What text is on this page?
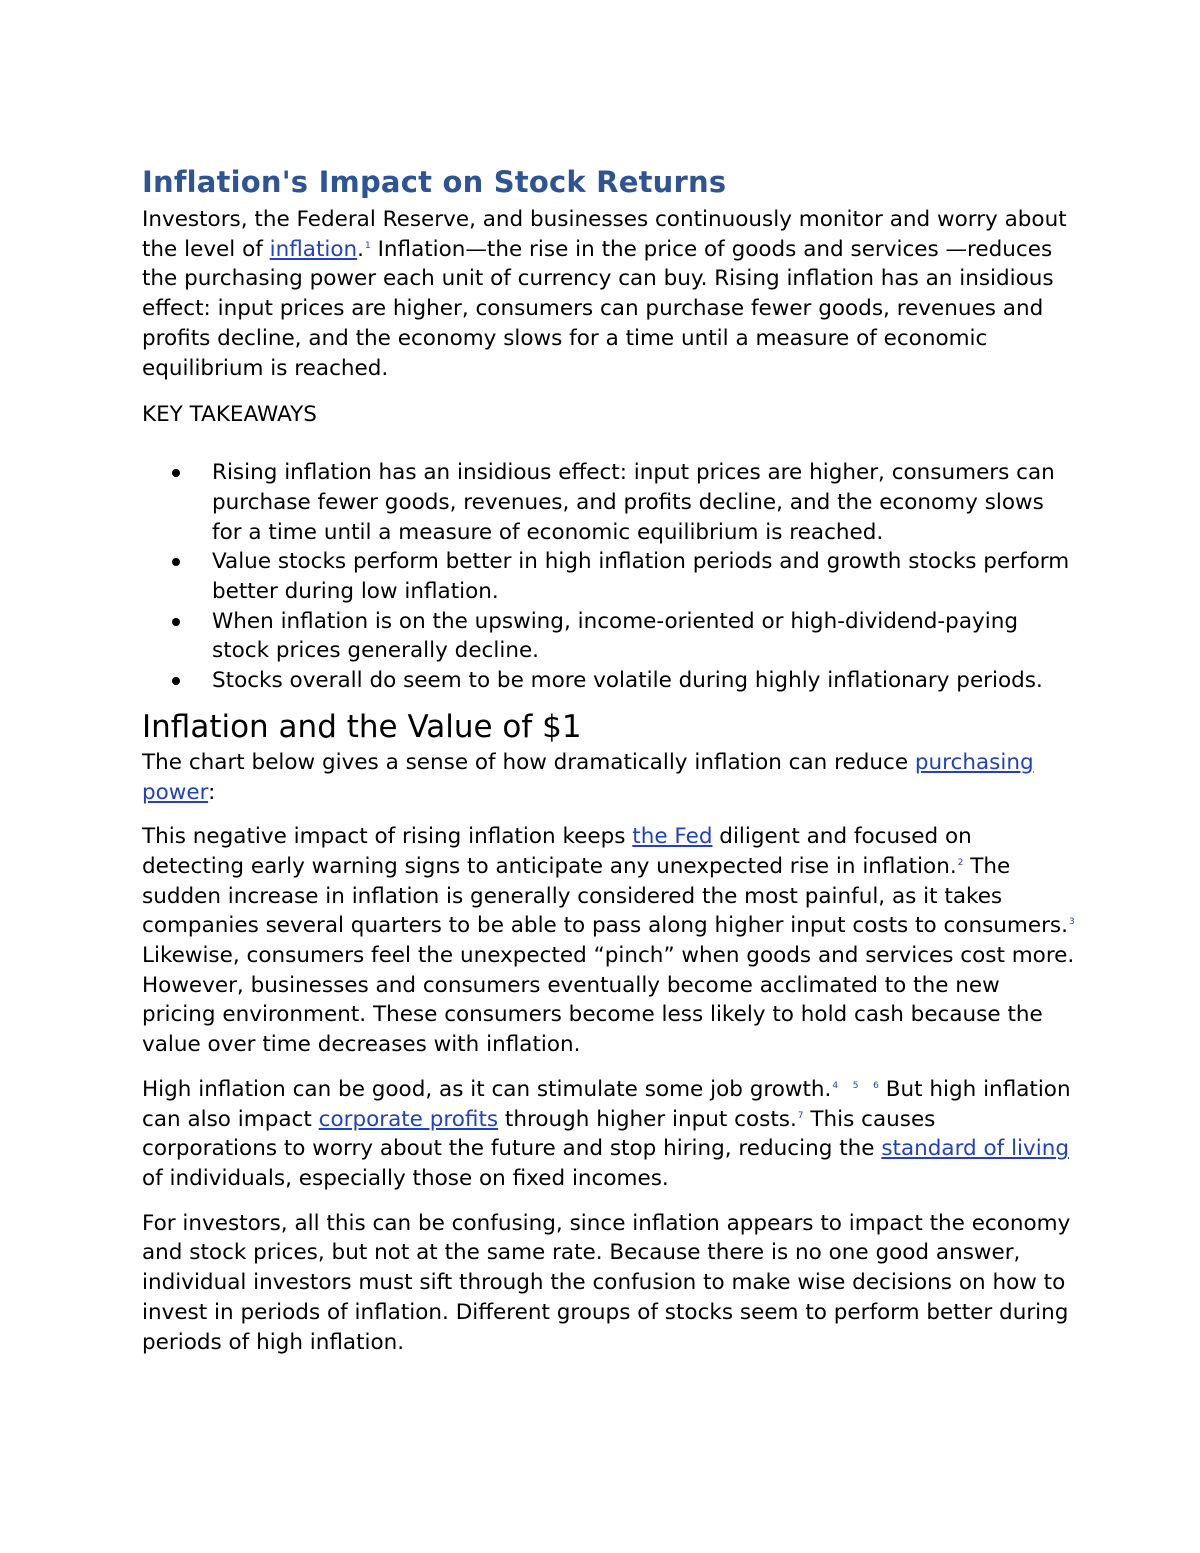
Inflation's Impact on Stock Returns

Investors, the Federal Reserve, and businesses continuously monitor and worry about the level of inflation.$^1$ Inflation—the rise in the price of goods and services —reduces the purchasing power each unit of currency can buy. Rising inflation has an insidious effect: input prices are higher, consumers can purchase fewer goods, revenues and profits decline, and the economy slows for a time until a measure of economic equilibrium is reached.

KEY TAKEAWAYS
Rising inflation has an insidious effect: input prices are higher, consumers can purchase fewer goods, revenues, and profits decline, and the economy slows for a time until a measure of economic equilibrium is reached.
Value stocks perform better in high inflation periods and growth stocks perform better during low inflation.
When inflation is on the upswing, income-oriented or high-dividend-paying stock prices generally decline.
Stocks overall do seem to be more volatile during highly inflationary periods.
Inflation and the Value of $1

The chart below gives a sense of how dramatically inflation can reduce purchasing power:

This negative impact of rising inflation keeps the Fed diligent and focused on detecting early warning signs to anticipate any unexpected rise in inflation.$^2$ The sudden increase in inflation is generally considered the most painful, as it takes companies several quarters to be able to pass along higher input costs to consumers.$^3$ Likewise, consumers feel the unexpected “pinch” when goods and services cost more. However, businesses and consumers eventually become acclimated to the new pricing environment. These consumers become less likely to hold cash because the value over time decreases with inflation.

High inflation can be good, as it can stimulate some job growth.$^4$ $^5$ $^6$ But high inflation can also impact corporate profits through higher input costs.$^7$ This causes corporations to worry about the future and stop hiring, reducing the standard of living of individuals, especially those on fixed incomes.

For investors, all this can be confusing, since inflation appears to impact the economy and stock prices, but not at the same rate. Because there is no one good answer, individual investors must sift through the confusion to make wise decisions on how to invest in periods of inflation. Different groups of stocks seem to perform better during periods of high inflation.
